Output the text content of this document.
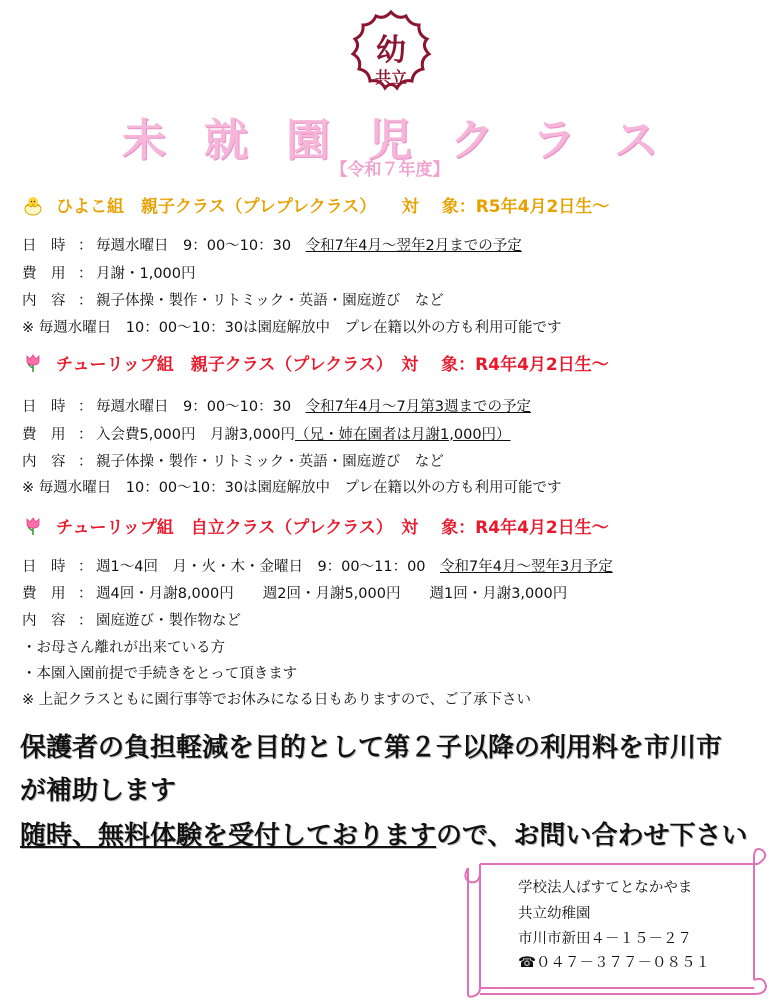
幼
共立
未 就 園 児 ク ラ ス
【令和７年度】
ひよこ組　親子クラス（プレプレクラス）　　対　 象：R5年4月2日生～
日　時 ： 毎週水曜日　9：00～10：30　令和7年4月～翌年2月までの予定
費　用 ： 月謝・1,000円
内　容 ： 親子体操・製作・リトミック・英語・園庭遊び　など
※ 毎週水曜日　10：00～10：30は園庭解放中　プレ在籍以外の方も利用可能です
チューリップ組　親子クラス（プレクラス）　対　 象：R4年4月2日生～
日　時 ： 毎週水曜日　9：00～10：30　令和7年4月～7月第3週までの予定
費　用 ： 入会費5,000円　月謝3,000円（兄・姉在園者は月謝1,000円）
内　容 ： 親子体操・製作・リトミック・英語・園庭遊び　など
※ 毎週水曜日　10：00～10：30は園庭解放中　プレ在籍以外の方も利用可能です
チューリップ組　自立クラス（プレクラス）　対　 象：R4年4月2日生～
日　時 ： 週1～4回　月・火・木・金曜日　9：00～11：00　令和7年4月～翌年3月予定
費　用 ： 週4回・月謝8,000円　　週2回・月謝5,000円　　週1回・月謝3,000円
内　容 ： 園庭遊び・製作物など
・お母さん離れが出来ている方
・本園入園前提で手続きをとって頂きます
※ 上記クラスともに園行事等でお休みになる日もありますので、ご了承下さい
保護者の負担軽減を目的として第２子以降の利用料を市川市
が補助します
随時、無料体験を受付しておりますので、お問い合わせ下さい
学校法人ばすてとなかやま
共立幼稚園
市川市新田４－１５－２７
☎０４７－３７７－０８５１
